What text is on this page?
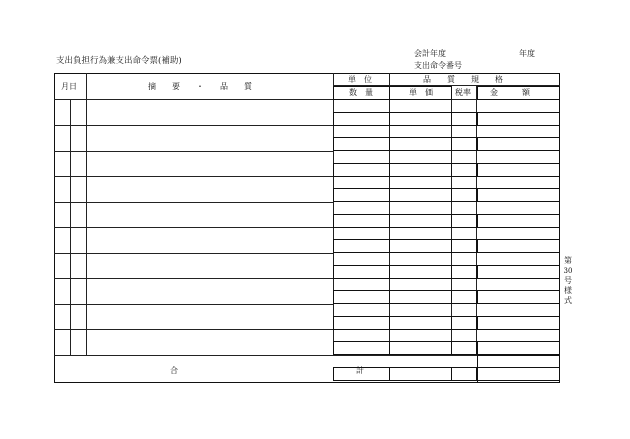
支出負担行為兼支出命令票(補助)
会計年度	年度
支出命令番号
月日	摘　　要　　・　　品　　質
単　位	品　　質　　規　　格
数　量	単　価	税率 金　　　額
合	計
第
30
号
様
式
